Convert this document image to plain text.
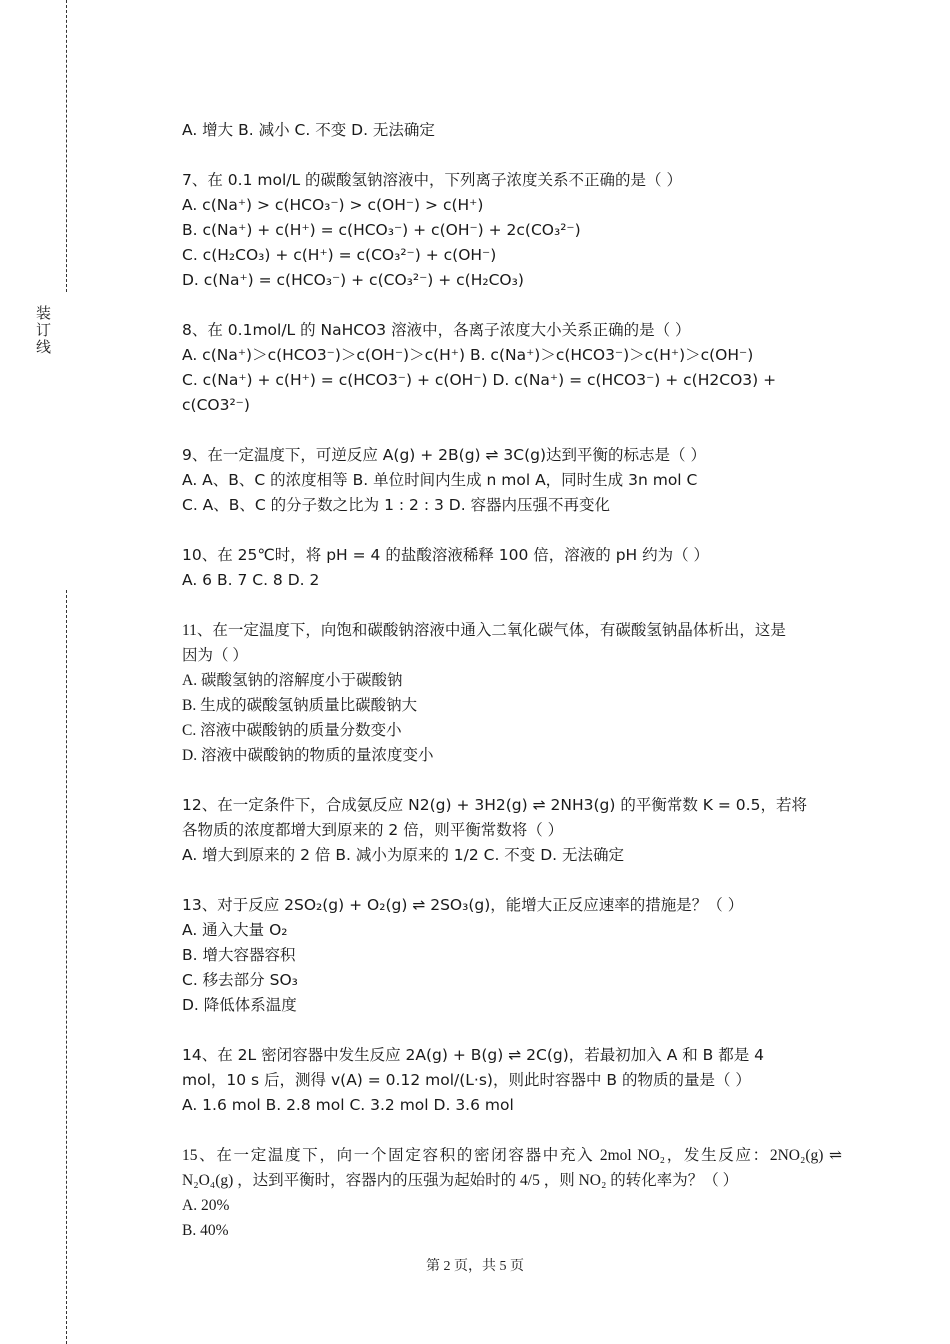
装订线
A. 增大 B. 减小 C. 不变 D. 无法确定
7、在 0.1 mol/L 的碳酸氢钠溶液中，下列离子浓度关系不正确的是（ ）
A. c(Na⁺) > c(HCO₃⁻) > c(OH⁻) > c(H⁺)
B. c(Na⁺) + c(H⁺) = c(HCO₃⁻) + c(OH⁻) + 2c(CO₃²⁻)
C. c(H₂CO₃) + c(H⁺) = c(CO₃²⁻) + c(OH⁻)
D. c(Na⁺) = c(HCO₃⁻) + c(CO₃²⁻) + c(H₂CO₃)
8、在 0.1mol/L 的 NaHCO3 溶液中，各离子浓度大小关系正确的是（ ）
A. c(Na⁺)＞c(HCO3⁻)＞c(OH⁻)＞c(H⁺) B. c(Na⁺)＞c(HCO3⁻)＞c(H⁺)＞c(OH⁻)
C. c(Na⁺) + c(H⁺) = c(HCO3⁻) + c(OH⁻) D. c(Na⁺) = c(HCO3⁻) + c(H2CO3) +
c(CO3²⁻)
9、在一定温度下，可逆反应 A(g) + 2B(g) ⇌ 3C(g)达到平衡的标志是（ ）
A. A、B、C 的浓度相等 B. 单位时间内生成 n mol A，同时生成 3n mol C
C. A、B、C 的分子数之比为 1 : 2 : 3 D. 容器内压强不再变化
10、在 25℃时，将 pH = 4 的盐酸溶液稀释 100 倍，溶液的 pH 约为（ ）
A. 6 B. 7 C. 8 D. 2
11、在一定温度下，向饱和碳酸钠溶液中通入二氧化碳气体，有碳酸氢钠晶体析出，这是
因为（ ）
A. 碳酸氢钠的溶解度小于碳酸钠
B. 生成的碳酸氢钠质量比碳酸钠大
C. 溶液中碳酸钠的质量分数变小
D. 溶液中碳酸钠的物质的量浓度变小
12、在一定条件下，合成氨反应 N2(g) + 3H2(g) ⇌ 2NH3(g) 的平衡常数 K = 0.5，若将
各物质的浓度都增大到原来的 2 倍，则平衡常数将（ ）
A. 增大到原来的 2 倍 B. 减小为原来的 1/2 C. 不变 D. 无法确定
13、对于反应 2SO₂(g) + O₂(g) ⇌ 2SO₃(g)，能增大正反应速率的措施是？（ ）
A. 通入大量 O₂
B. 增大容器容积
C. 移去部分 SO₃
D. 降低体系温度
14、在 2L 密闭容器中发生反应 2A(g) + B(g) ⇌ 2C(g)，若最初加入 A 和 B 都是 4
mol，10 s 后，测得 v(A) = 0.12 mol/(L·s)，则此时容器中 B 的物质的量是（ ）
A. 1.6 mol B. 2.8 mol C. 3.2 mol D. 3.6 mol
15、在一定温度下，向一个固定容积的密闭容器中充入 2mol NO₂，发生反应：2NO₂(g) ⇌
N₂O₄(g) ，达到平衡时，容器内的压强为起始时的 4/5 ，则 NO₂ 的转化率为？（ ）
A. 20%
B. 40%
第 2 页，共 5 页
